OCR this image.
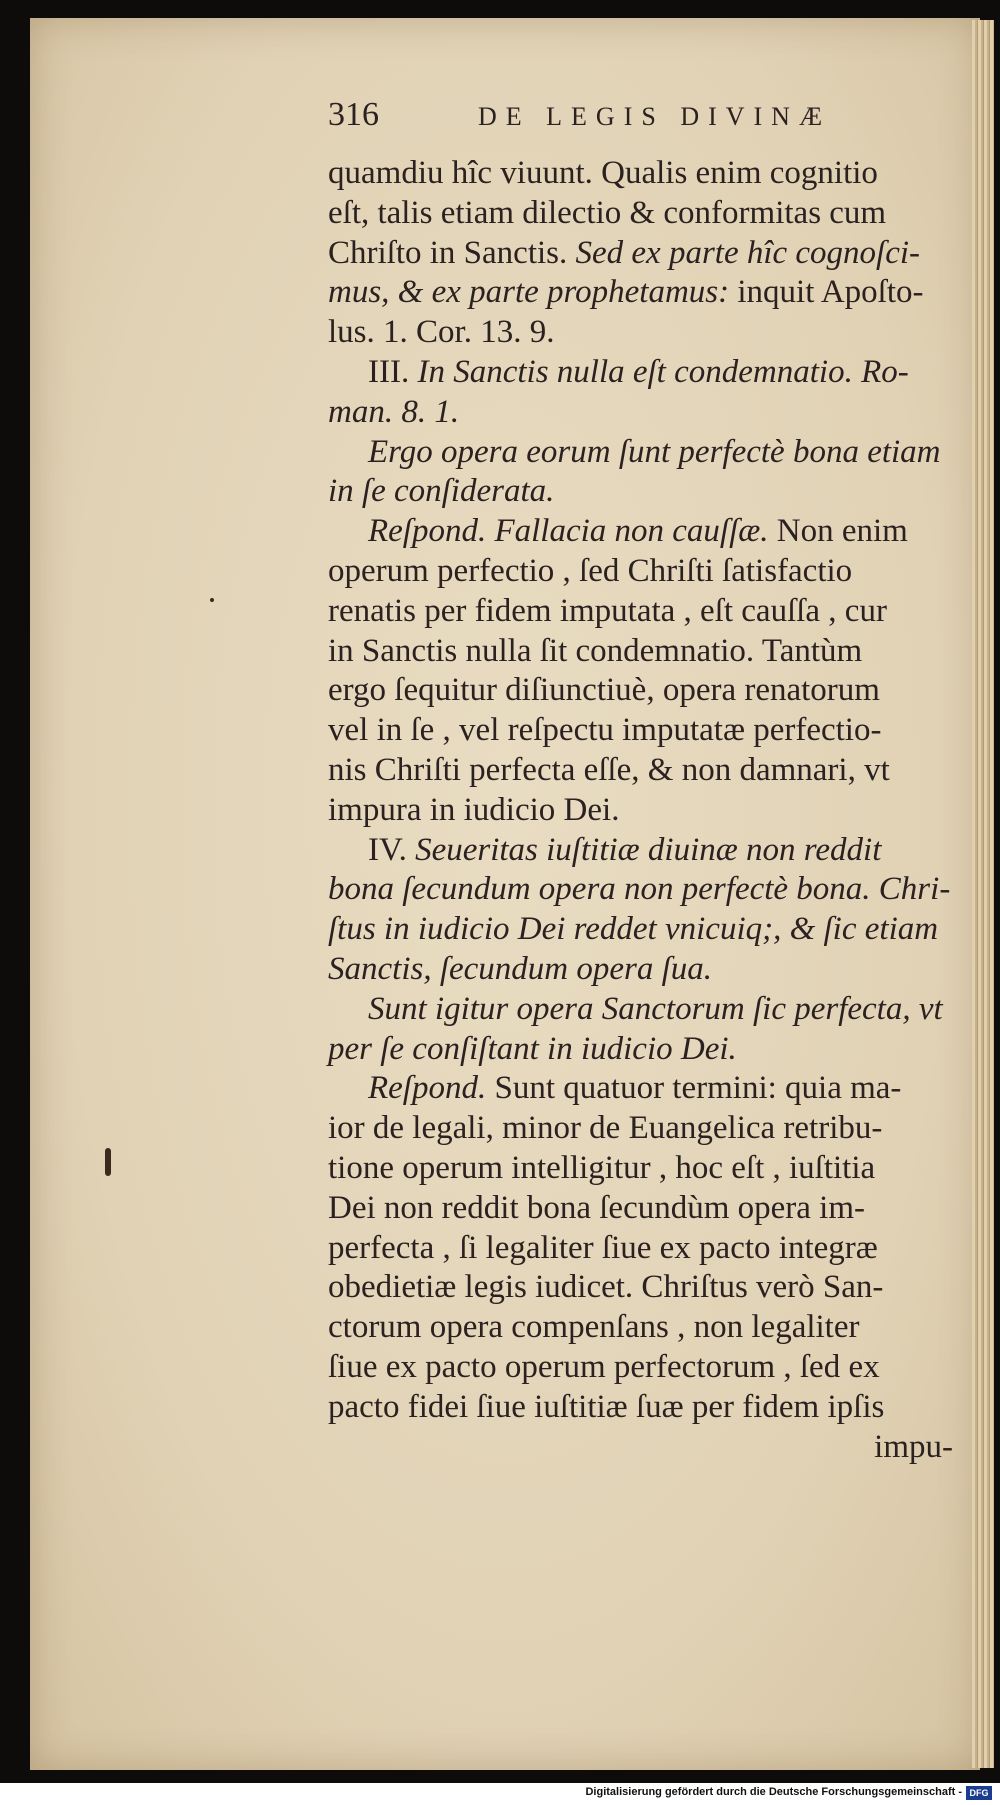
316	DE LEGIS DIVINÆ
quamdiu hîc viuunt. Qualis enim cognitio
eſt, talis etiam dilectio & conformitas cum
Chriſto in Sanctis. Sed ex parte hîc cognoſci-
mus, & ex parte prophetamus: inquit Apoſto-
lus. 1. Cor. 13. 9.
III. In Sanctis nulla eſt condemnatio. Ro-
man. 8. 1.
Ergo opera eorum ſunt perfectè bona etiam
in ſe conſiderata.
Reſpond. Fallacia non cauſſæ. Non enim
operum perfectio , ſed Chriſti ſatisfactio
renatis per fidem imputata , eſt cauſſa , cur
in Sanctis nulla ſit condemnatio. Tantùm
ergo ſequitur diſiunctiuè, opera renatorum
vel in ſe , vel reſpectu imputatæ perfectio-
nis Chriſti perfecta eſſe, & non damnari, vt
impura in iudicio Dei.
IV. Seueritas iuſtitiæ diuinæ non reddit
bona ſecundum opera non perfectè bona. Chri-
ſtus in iudicio Dei reddet vnicuiq;, & ſic etiam
Sanctis, ſecundum opera ſua.
Sunt igitur opera Sanctorum ſic perfecta, vt
per ſe conſiſtant in iudicio Dei.
Reſpond. Sunt quatuor termini: quia ma-
ior de legali, minor de Euangelica retribu-
tione operum intelligitur , hoc eſt , iuſtitia
Dei non reddit bona ſecundùm opera im-
perfecta , ſi legaliter ſiue ex pacto integræ
obedietiæ legis iudicet. Chriſtus verò San-
ctorum opera compenſans , non legaliter
ſiue ex pacto operum perfectorum , ſed ex
pacto fidei ſiue iuſtitiæ ſuæ per fidem ipſis
impu-
Digitalisierung gefördert durch die Deutsche Forschungsgemeinschaft - DFG
